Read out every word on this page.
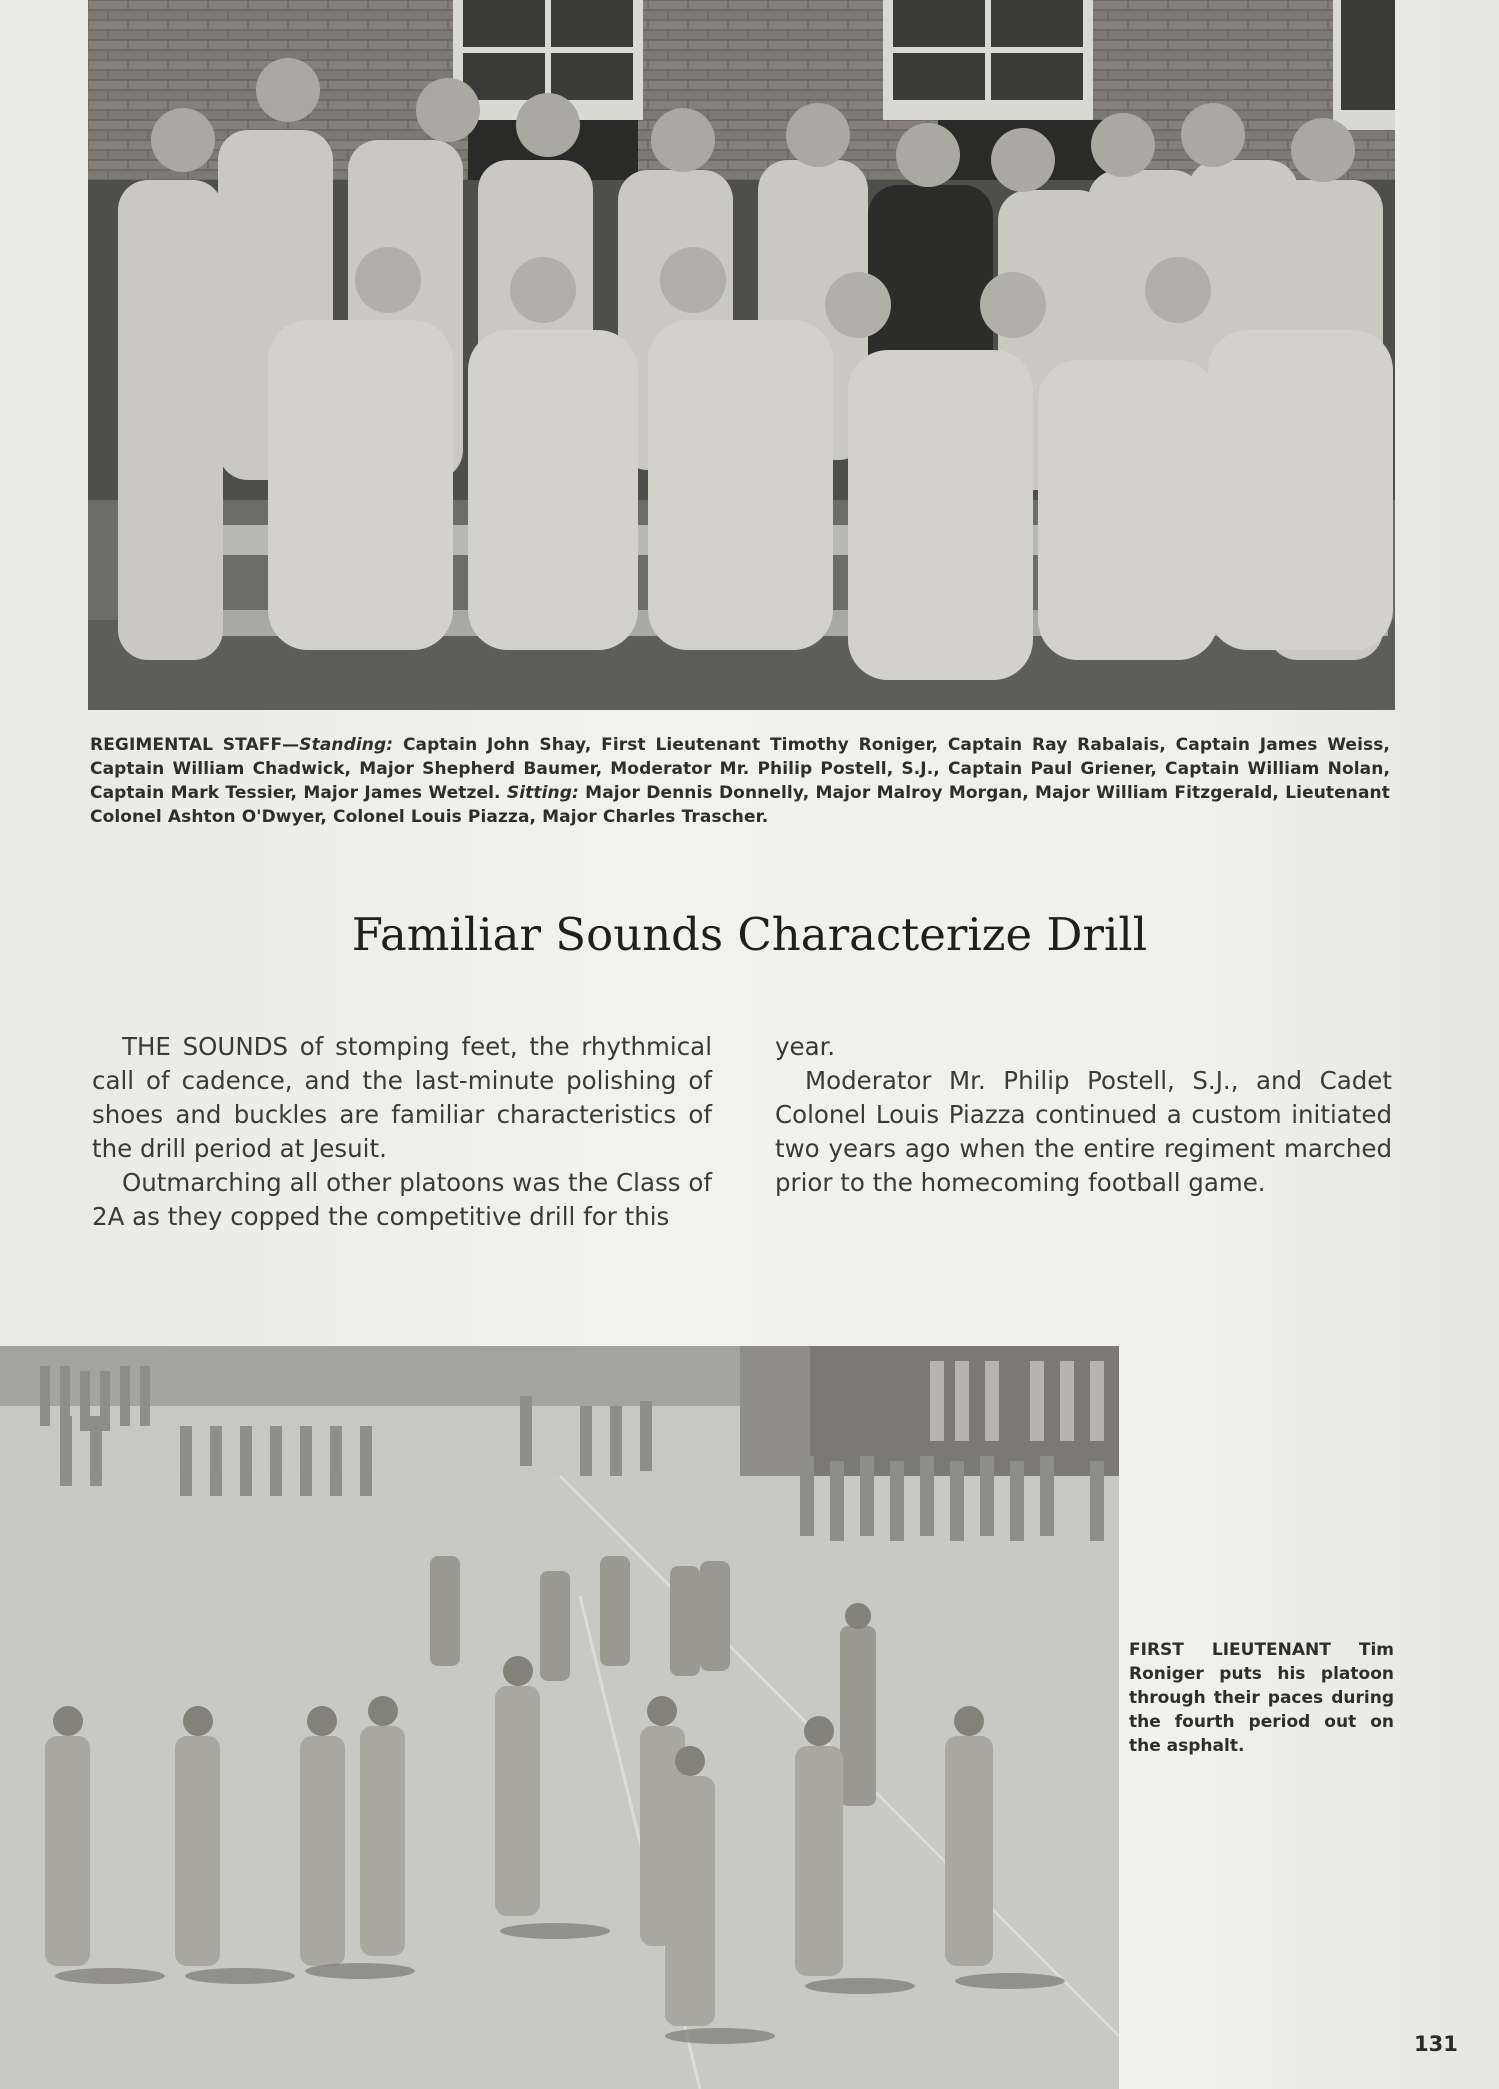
REGIMENTAL STAFF—Standing: Captain John Shay, First Lieutenant Timothy Roniger, Captain Ray Rabalais, Captain James Weiss, Captain William Chadwick, Major Shepherd Baumer, Moderator Mr. Philip Postell, S.J., Captain Paul Griener, Captain William Nolan, Captain Mark Tessier, Major James Wetzel. Sitting: Major Dennis Donnelly, Major Malroy Morgan, Major William Fitzgerald, Lieutenant Colonel Ashton O'Dwyer, Colonel Louis Piazza, Major Charles Trascher.
Familiar Sounds Characterize Drill

THE SOUNDS of stomping feet, the rhythmical call of cadence, and the last-minute polishing of shoes and buckles are familiar characteristics of the drill period at Jesuit.

Outmarching all other platoons was the Class of 2A as they copped the competitive drill for this

year.

Moderator Mr. Philip Postell, S.J., and Cadet Colonel Louis Piazza continued a custom initiated two years ago when the entire regiment marched prior to the homecoming football game.

FIRST LIEUTENANT Tim Roniger puts his platoon through their paces during the fourth period out on the asphalt.
131
